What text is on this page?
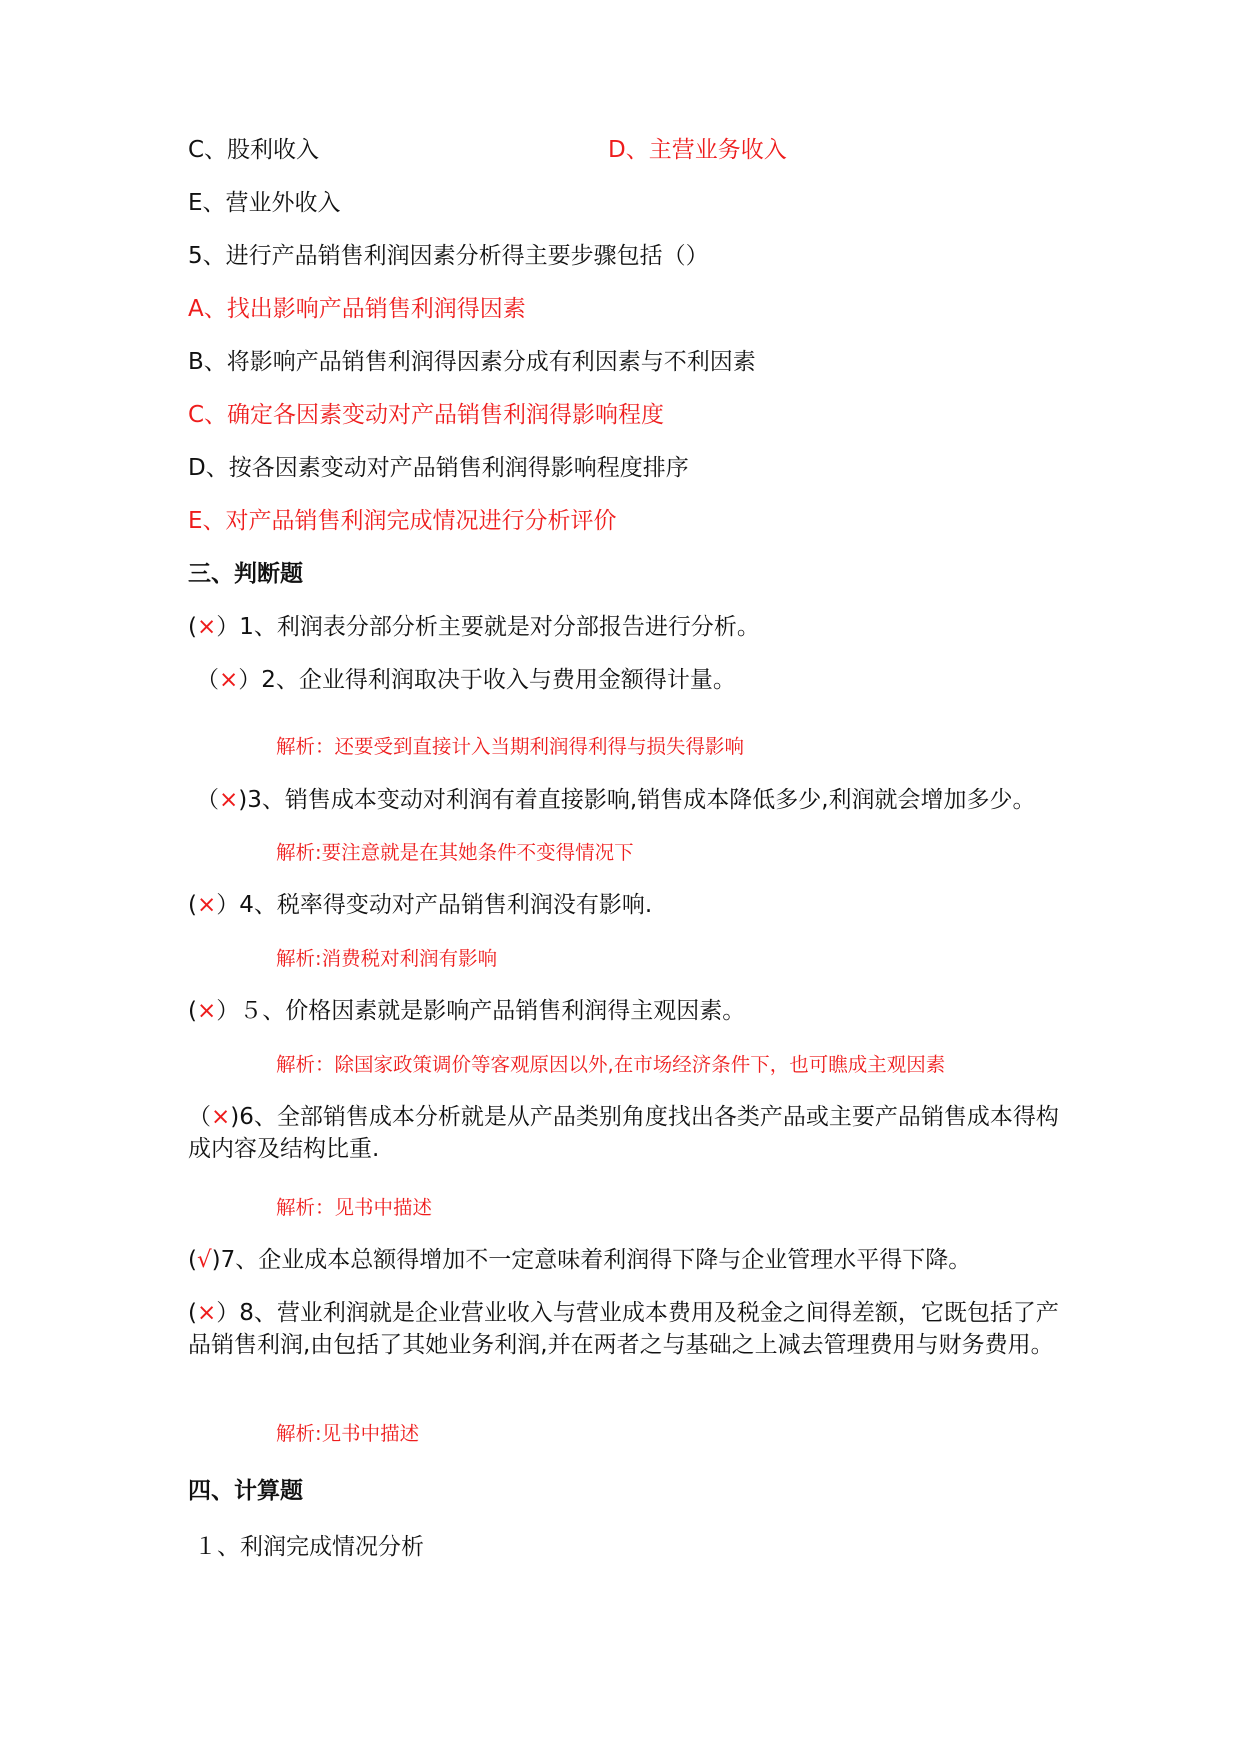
C、股利收入	D、主营业务收入
E、营业外收入
5、进行产品销售利润因素分析得主要步骤包括（）
A、找出影响产品销售利润得因素
B、将影响产品销售利润得因素分成有利因素与不利因素
C、确定各因素变动对产品销售利润得影响程度
D、按各因素变动对产品销售利润得影响程度排序
E、对产品销售利润完成情况进行分析评价
三、判断题
(×）1、利润表分部分析主要就是对分部报告进行分析。
（×）2、企业得利润取决于收入与费用金额得计量。
解析：还要受到直接计入当期利润得利得与损失得影响
（×)3、销售成本变动对利润有着直接影响,销售成本降低多少,利润就会增加多少。
解析:要注意就是在其她条件不变得情况下
(×）4、税率得变动对产品销售利润没有影响.
解析:消费税对利润有影响
(×）５、价格因素就是影响产品销售利润得主观因素。
解析：除国家政策调价等客观原因以外,在市场经济条件下，也可瞧成主观因素
（×)6、全部销售成本分析就是从产品类别角度找出各类产品或主要产品销售成本得构成内容及结构比重.
解析：见书中描述
(√)7、企业成本总额得增加不一定意味着利润得下降与企业管理水平得下降。
(×）8、营业利润就是企业营业收入与营业成本费用及税金之间得差额，它既包括了产品销售利润,由包括了其她业务利润,并在两者之与基础之上减去管理费用与财务费用。
解析:见书中描述
四、计算题
１、利润完成情况分析
